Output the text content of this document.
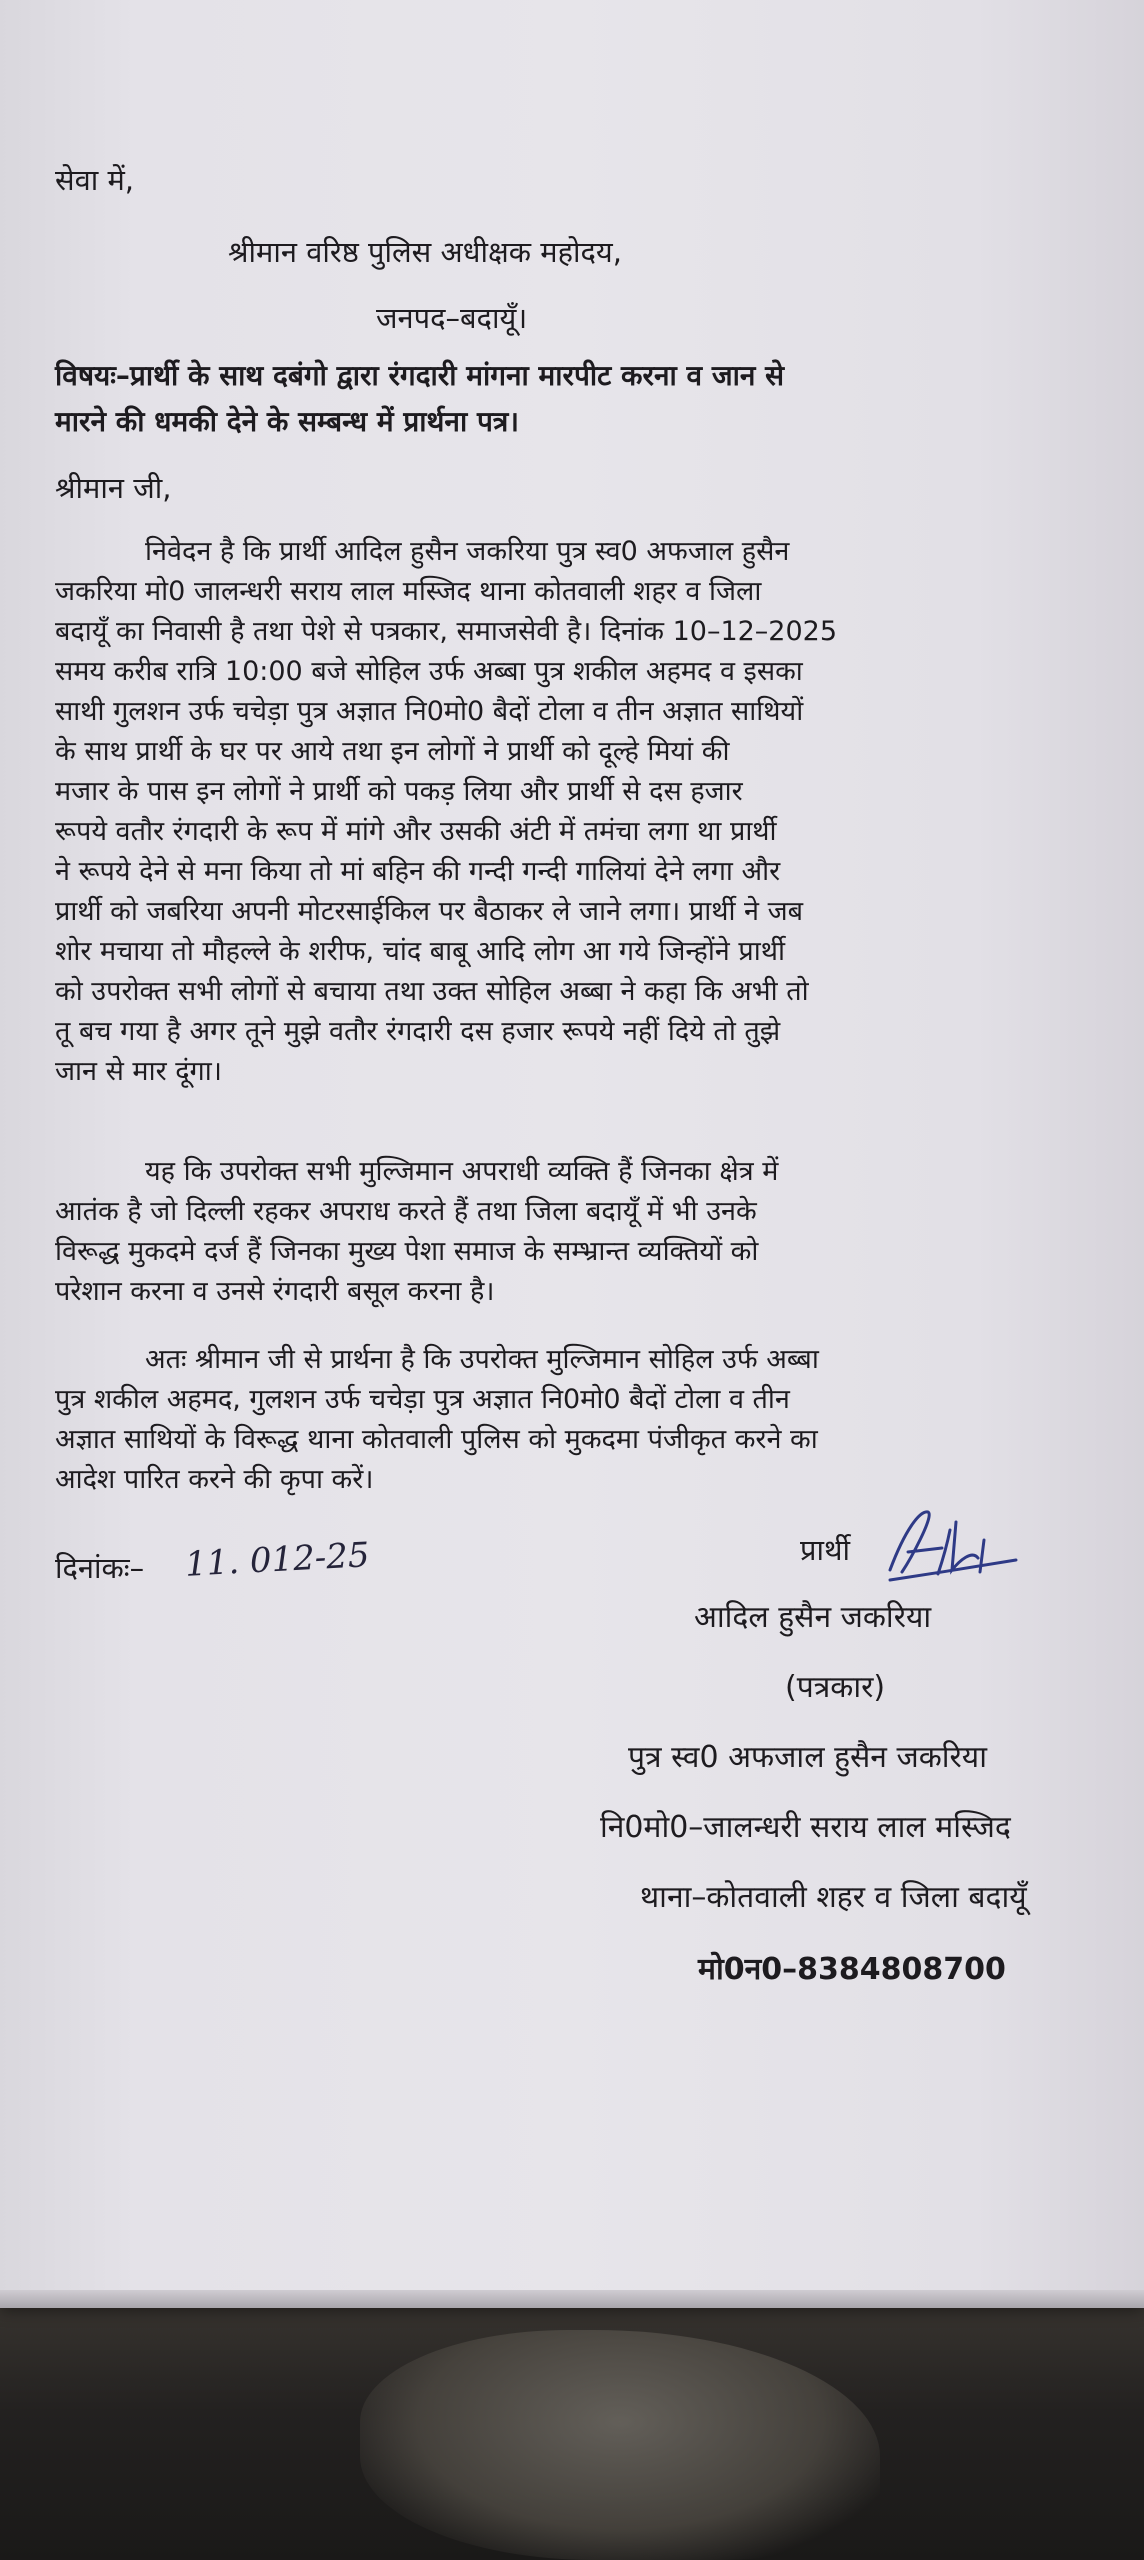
सेवा में,
श्रीमान वरिष्ठ पुलिस अधीक्षक महोदय,
जनपद–बदायूँ।
विषयः–प्रार्थी के साथ दबंगो द्वारा रंगदारी मांगना मारपीट करना व जान से
मारने की धमकी देने के सम्बन्ध में प्रार्थना पत्र।
श्रीमान जी,
निवेदन है कि प्रार्थी आदिल हुसैन जकरिया पुत्र स्व0 अफजाल हुसैन
जकरिया मो0 जालन्धरी सराय लाल मस्जिद थाना कोतवाली शहर व जिला
बदायूँ का निवासी है तथा पेशे से पत्रकार, समाजसेवी है। दिनांक 10–12–2025
समय करीब रात्रि 10:00 बजे सोहिल उर्फ अब्बा पुत्र शकील अहमद व इसका
साथी गुलशन उर्फ चचेड़ा पुत्र अज्ञात नि0मो0 बैदों टोला व तीन अज्ञात साथियों
के साथ प्रार्थी के घर पर आये तथा इन लोगों ने प्रार्थी को दूल्हे मियां की
मजार के पास इन लोगों ने प्रार्थी को पकड़ लिया और प्रार्थी से दस हजार
रूपये वतौर रंगदारी के रूप में मांगे और उसकी अंटी में तमंचा लगा था प्रार्थी
ने रूपये देने से मना किया तो मां बहिन की गन्दी गन्दी गालियां देने लगा और
प्रार्थी को जबरिया अपनी मोटरसाईकिल पर बैठाकर ले जाने लगा। प्रार्थी ने जब
शोर मचाया तो मौहल्ले के शरीफ, चांद बाबू आदि लोग आ गये जिन्होंने प्रार्थी
को उपरोक्त सभी लोगों से बचाया तथा उक्त सोहिल अब्बा ने कहा कि अभी तो
तू बच गया है अगर तूने मुझे वतौर रंगदारी दस हजार रूपये नहीं दिये तो तुझे
जान से मार दूंगा।
यह कि उपरोक्त सभी मुल्जिमान अपराधी व्यक्ति हैं जिनका क्षेत्र में
आतंक है जो दिल्ली रहकर अपराध करते हैं तथा जिला बदायूँ में भी उनके
विरूद्ध मुकदमे दर्ज हैं जिनका मुख्य पेशा समाज के सम्भ्रान्त व्यक्तियों को
परेशान करना व उनसे रंगदारी बसूल करना है।
अतः श्रीमान जी से प्रार्थना है कि उपरोक्त मुल्जिमान सोहिल उर्फ अब्बा
पुत्र शकील अहमद, गुलशन उर्फ चचेड़ा पुत्र अज्ञात नि0मो0 बैदों टोला व तीन
अज्ञात साथियों के विरूद्ध थाना कोतवाली पुलिस को मुकदमा पंजीकृत करने का
आदेश पारित करने की कृपा करें।
दिनांकः– 11. 012-25	प्रार्थी
आदिल हुसैन जकरिया
(पत्रकार)
पुत्र स्व0 अफजाल हुसैन जकरिया
नि0मो0–जालन्धरी सराय लाल मस्जिद
थाना–कोतवाली शहर व जिला बदायूँ
मो0न0–8384808700
